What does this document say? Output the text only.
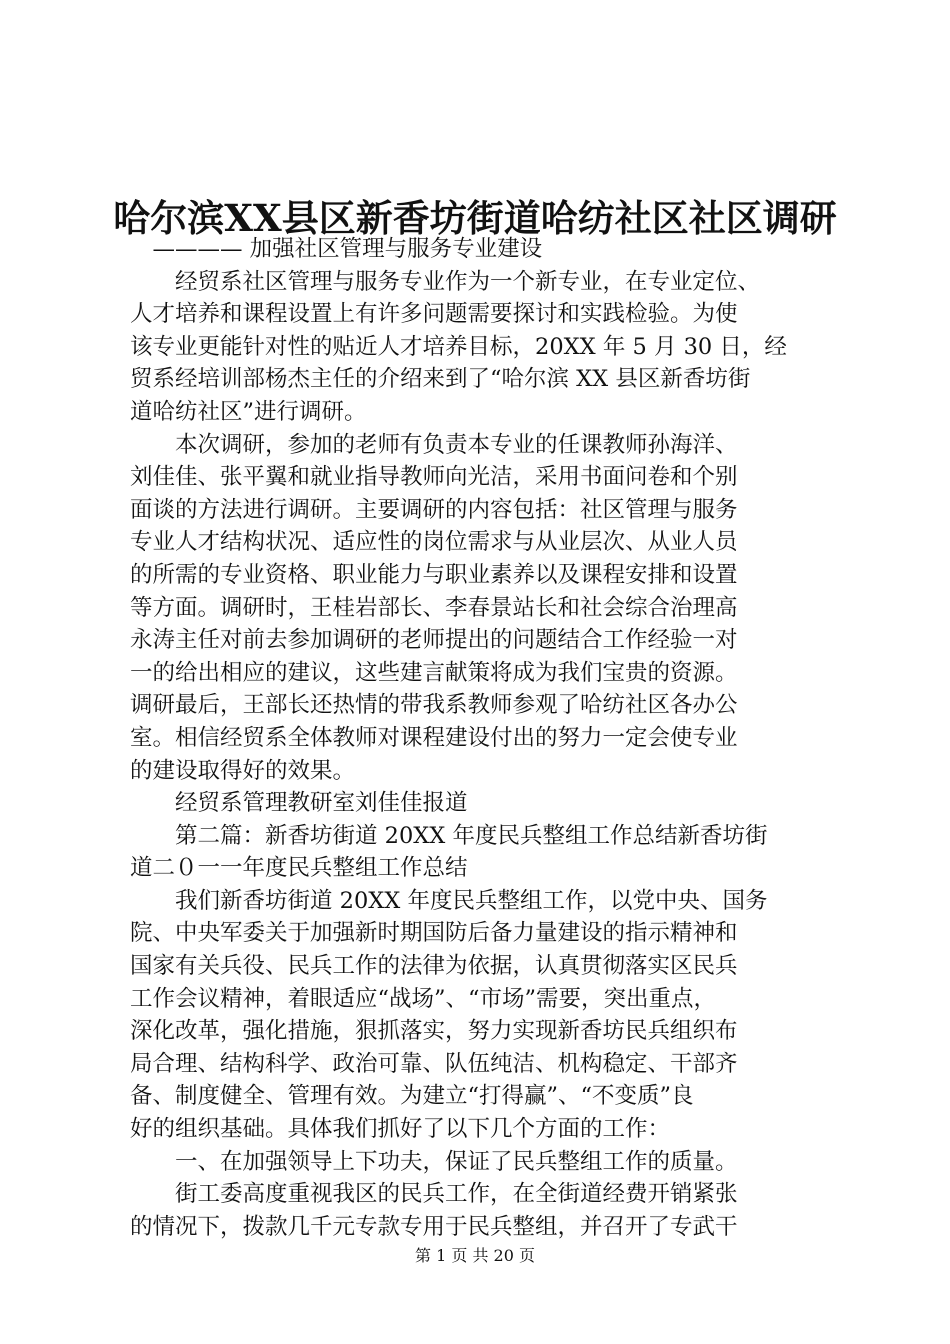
哈尔滨XX县区新香坊街道哈纺社区社区调研
　———— 加强社区管理与服务专业建设
　　经贸系社区管理与服务专业作为一个新专业，在专业定位、
人才培养和课程设置上有许多问题需要探讨和实践检验。为使
该专业更能针对性的贴近人才培养目标，20XX 年 5 月 30 日，经
贸系经培训部杨杰主任的介绍来到了“哈尔滨 XX 县区新香坊街
道哈纺社区”进行调研。
　　本次调研，参加的老师有负责本专业的任课教师孙海洋、
刘佳佳、张平翼和就业指导教师向光洁，采用书面问卷和个别
面谈的方法进行调研。主要调研的内容包括：社区管理与服务
专业人才结构状况、适应性的岗位需求与从业层次、从业人员
的所需的专业资格、职业能力与职业素养以及课程安排和设置
等方面。调研时，王桂岩部长、李春景站长和社会综合治理高
永涛主任对前去参加调研的老师提出的问题结合工作经验一对
一的给出相应的建议，这些建言献策将成为我们宝贵的资源。
调研最后，王部长还热情的带我系教师参观了哈纺社区各办公
室。相信经贸系全体教师对课程建设付出的努力一定会使专业
的建设取得好的效果。
　　经贸系管理教研室刘佳佳报道
　　第二篇：新香坊街道 20XX 年度民兵整组工作总结新香坊街
道二０一一年度民兵整组工作总结
　　我们新香坊街道 20XX 年度民兵整组工作，以党中央、国务
院、中央军委关于加强新时期国防后备力量建设的指示精神和
国家有关兵役、民兵工作的法律为依据，认真贯彻落实区民兵
工作会议精神，着眼适应“战场”、“市场”需要，突出重点，
深化改革，强化措施，狠抓落实，努力实现新香坊民兵组织布
局合理、结构科学、政治可靠、队伍纯洁、机构稳定、干部齐
备、制度健全、管理有效。为建立“打得赢”、“不变质”良
好的组织基础。具体我们抓好了以下几个方面的工作：
　　一、在加强领导上下功夫，保证了民兵整组工作的质量。
　　街工委高度重视我区的民兵工作，在全街道经费开销紧张
的情况下，拨款几千元专款专用于民兵整组，并召开了专武干
第 1 页 共 20 页
